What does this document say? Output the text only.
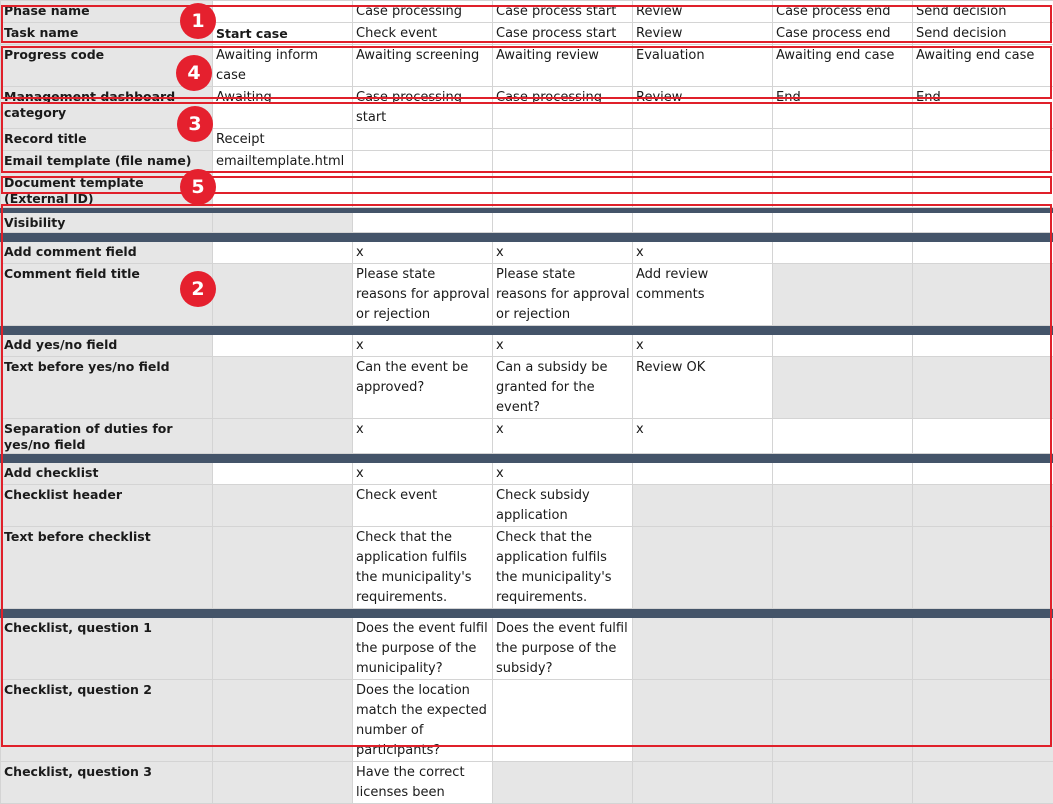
Phase name		Case processing	Case process start	Review	Case process end	Send decision
Task name	Start case	Check event	Case process start	Review	Case process end	Send decision
Progress code	Awaiting inform case	Awaiting screening	Awaiting review	Evaluation	Awaiting end case	Awaiting end case
Management dashboard category	Awaiting	Case processing start	Case processing	Review	End	End
Record title	Receipt					
Email template (file name)	emailtemplate.html					
Document template (External ID)						

Visibility						

Add comment field		x	x	x		
Comment field title		Please state reasons for approval or rejection	Please state reasons for approval or rejection	Add review comments		

Add yes/no field		x	x	x		
Text before yes/no field		Can the event be approved?	Can a subsidy be granted for the event?	Review OK		
Separation of duties for yes/no field		x	x	x		

Add checklist		x	x			
Checklist header		Check event	Check subsidy application			
Text before checklist		Check that the application fulfils the municipality's requirements.	Check that the application fulfils the municipality's requirements.			

Checklist, question 1		Does the event fulfil the purpose of the municipality?	Does the event fulfil the purpose of the subsidy?			
Checklist, question 2		Does the location match the expected number of participants?				
Checklist, question 3		Have the correct licenses been				
1
4
3
5
2
